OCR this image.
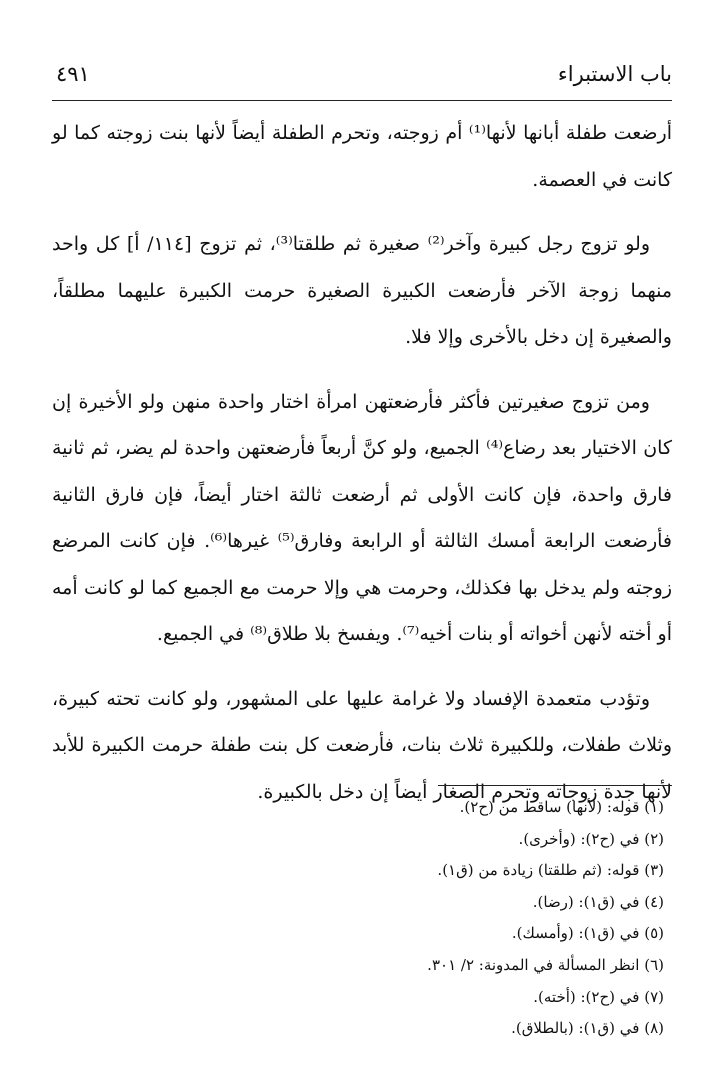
باب الاستبراء
٤٩١

أرضعت طفلة أبانها لأنها⁽¹⁾ أم زوجته، وتحرم الطفلة أيضاً لأنها بنت زوجته كما لو كانت في العصمة.

ولو تزوج رجل كبيرة وآخر⁽²⁾ صغيرة ثم طلقتا⁽³⁾، ثم تزوج [١١٤/ أ] كل واحد منهما زوجة الآخر فأرضعت الكبيرة الصغيرة حرمت الكبيرة عليهما مطلقاً، والصغيرة إن دخل بالأخرى وإلا فلا.

ومن تزوج صغيرتين فأكثر فأرضعتهن امرأة اختار واحدة منهن ولو الأخيرة إن كان الاختيار بعد رضاع⁽⁴⁾ الجميع، ولو كنَّ أربعاً فأرضعتهن واحدة لم يضر، ثم ثانية فارق واحدة، فإن كانت الأولى ثم أرضعت ثالثة اختار أيضاً، فإن فارق الثانية فأرضعت الرابعة أمسك الثالثة أو الرابعة وفارق⁽⁵⁾ غيرها⁽⁶⁾. فإن كانت المرضع زوجته ولم يدخل بها فكذلك، وحرمت هي وإلا حرمت مع الجميع كما لو كانت أمه أو أخته لأنهن أخواته أو بنات أخيه⁽⁷⁾. ويفسخ بلا طلاق⁽⁸⁾ في الجميع.

وتؤدب متعمدة الإفساد ولا غرامة عليها على المشهور، ولو كانت تحته كبيرة، وثلاث طفلات، وللكبيرة ثلاث بنات، فأرضعت كل بنت طفلة حرمت الكبيرة للأبد لأنها جدة زوجاته وتحرم الصغار أيضاً إن دخل بالكبيرة.

(١) قوله: (لأنها) ساقط من (ح٢).
(٢) في (ح٢): (وأخرى).
(٣) قوله: (ثم طلقتا) زيادة من (ق١).
(٤) في (ق١): (رضا).
(٥) في (ق١): (وأمسك).
(٦) انظر المسألة في المدونة: ٢/ ٣٠١.
(٧) في (ح٢): (أخته).
(٨) في (ق١): (بالطلاق).
